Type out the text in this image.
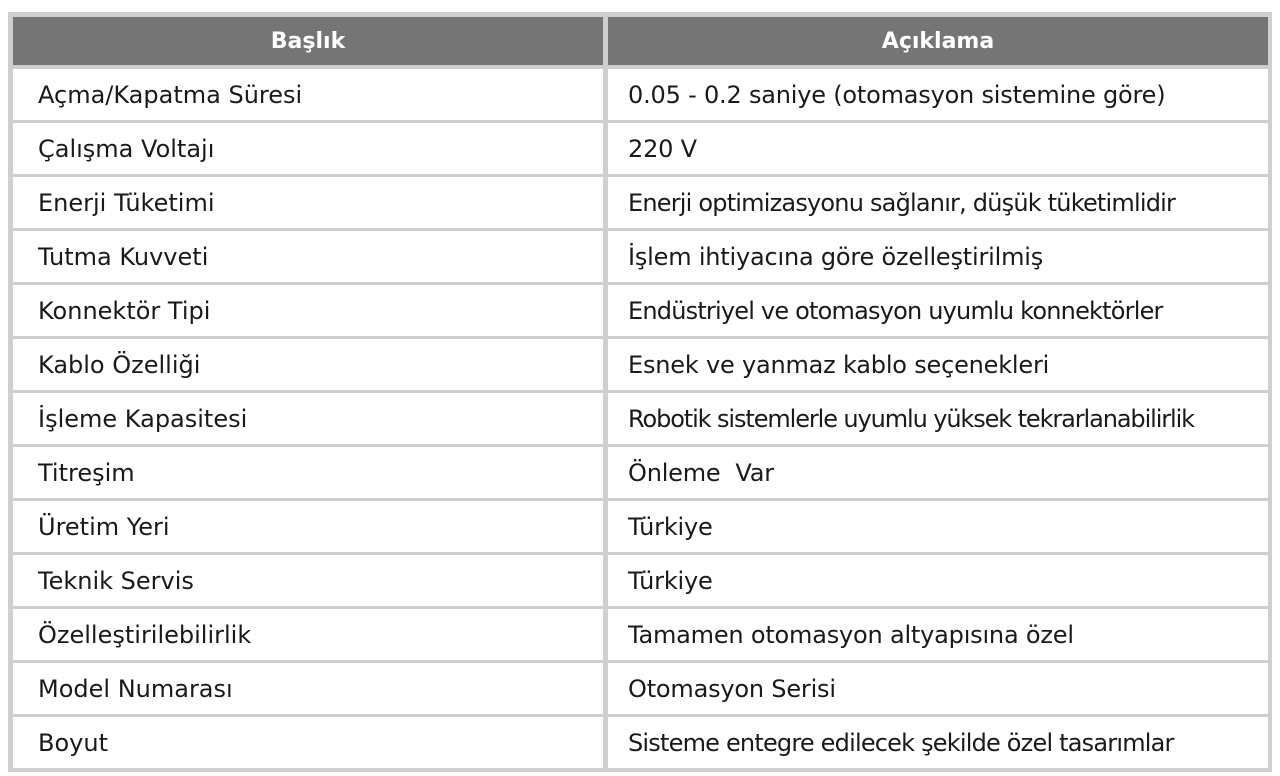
Başlık	Açıklama
Açma/Kapatma Süresi	0.05 - 0.2 saniye (otomasyon sistemine göre)
Çalışma Voltajı	220 V
Enerji Tüketimi	Enerji optimizasyonu sağlanır, düşük tüketimlidir
Tutma Kuvveti	İşlem ihtiyacına göre özelleştirilmiş
Konnektör Tipi	Endüstriyel ve otomasyon uyumlu konnektörler
Kablo Özelliği	Esnek ve yanmaz kablo seçenekleri
İşleme Kapasitesi	Robotik sistemlerle uyumlu yüksek tekrarlanabilirlik
Titreşim	Önleme  Var
Üretim Yeri	Türkiye
Teknik Servis	Türkiye
Özelleştirilebilirlik	Tamamen otomasyon altyapısına özel
Model Numarası	Otomasyon Serisi
Boyut	Sisteme entegre edilecek şekilde özel tasarımlar
